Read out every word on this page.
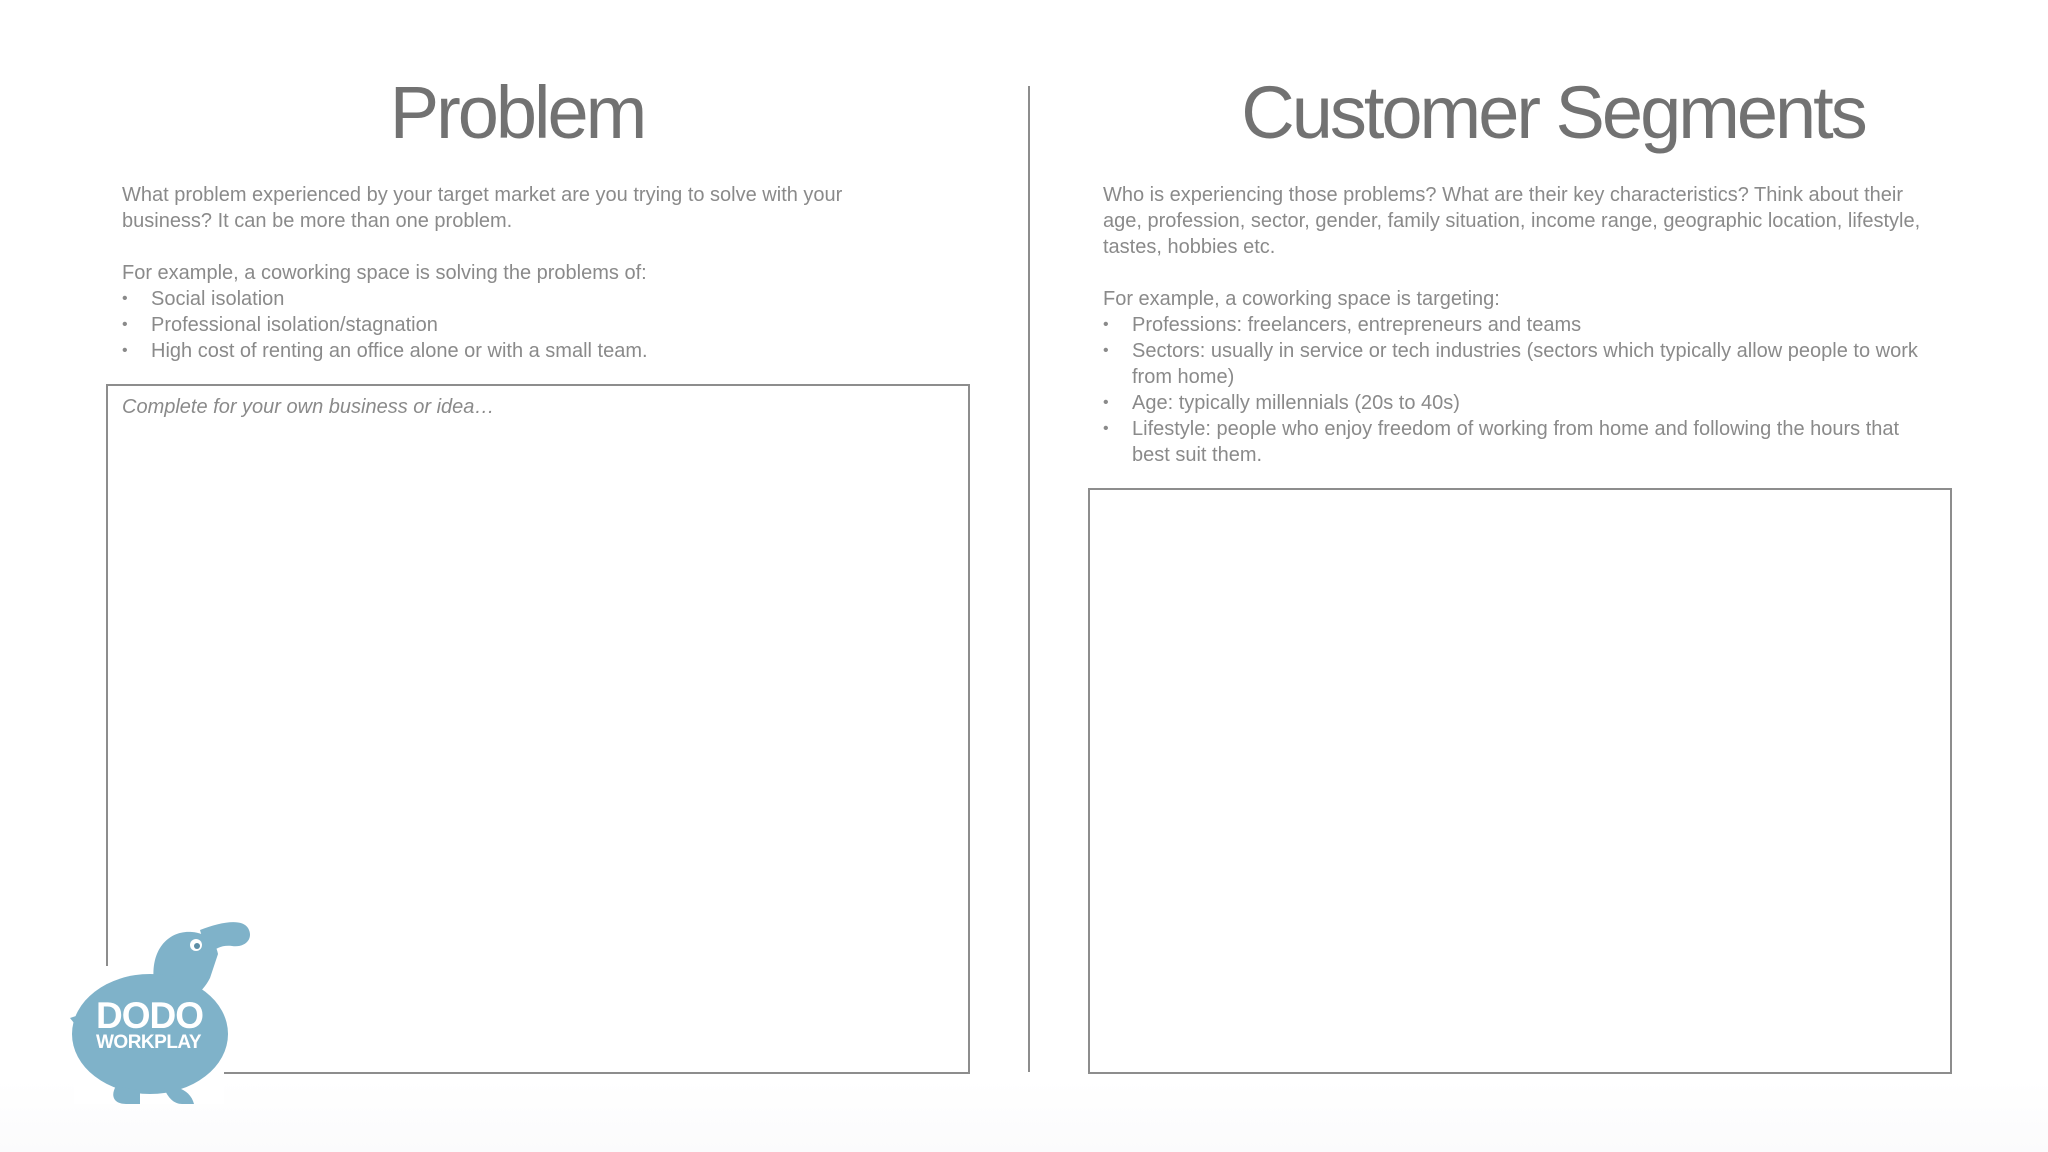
Problem

What problem experienced by your target market are you trying to solve with your business? It can be more than one problem.

For example, a coworking space is solving the problems of:

• Social isolation
• Professional isolation/stagnation
• High cost of renting an office alone or with a small team.
Complete for your own business or idea…
Customer Segments

Who is experiencing those problems? What are their key characteristics? Think about their age, profession, sector, gender, family situation, income range, geographic location, lifestyle, tastes, hobbies etc.

For example, a coworking space is targeting:

• Professions: freelancers, entrepreneurs and teams
• Sectors: usually in service or tech industries (sectors which typically allow people to work from home)
• Age: typically millennials (20s to 40s)
• Lifestyle: people who enjoy freedom of working from home and following the hours that best suit them.
DODO
WORKPLAY
